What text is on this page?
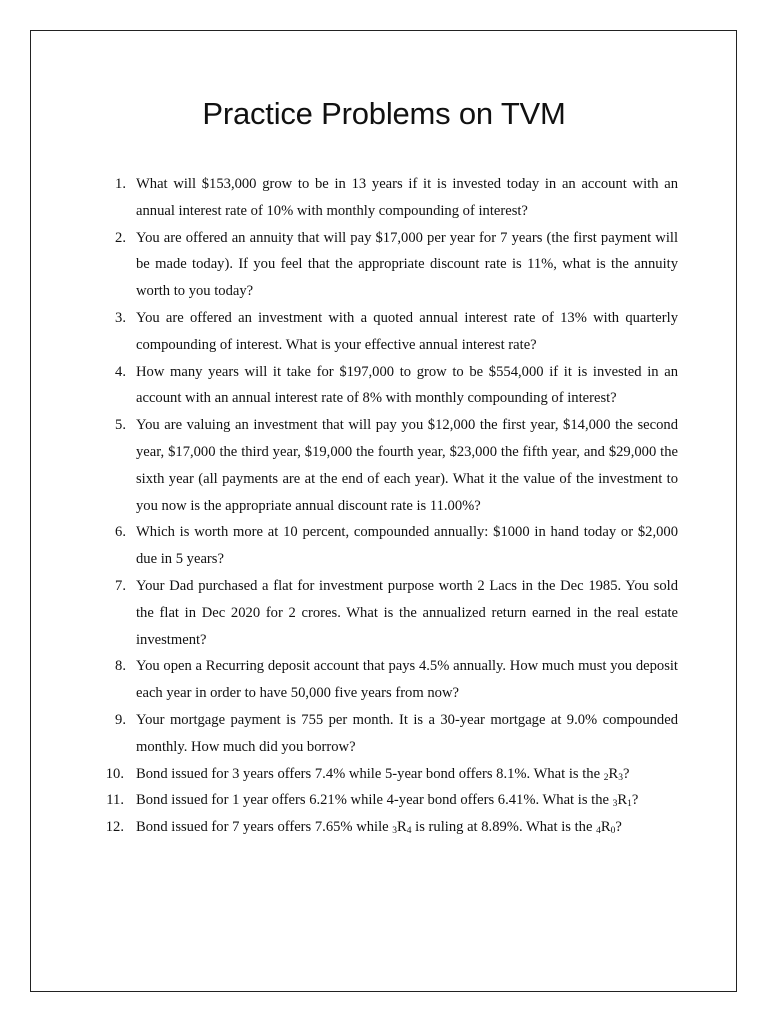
Practice Problems on TVM
1. What will $153,000 grow to be in 13 years if it is invested today in an account with an annual interest rate of 10% with monthly compounding of interest?
2. You are offered an annuity that will pay $17,000 per year for 7 years (the first payment will be made today). If you feel that the appropriate discount rate is 11%, what is the annuity worth to you today?
3. You are offered an investment with a quoted annual interest rate of 13% with quarterly compounding of interest. What is your effective annual interest rate?
4. How many years will it take for $197,000 to grow to be $554,000 if it is invested in an account with an annual interest rate of 8% with monthly compounding of interest?
5. You are valuing an investment that will pay you $12,000 the first year, $14,000 the second year, $17,000 the third year, $19,000 the fourth year, $23,000 the fifth year, and $29,000 the sixth year (all payments are at the end of each year). What it the value of the investment to you now is the appropriate annual discount rate is 11.00%?
6. Which is worth more at 10 percent, compounded annually: $1000 in hand today or $2,000 due in 5 years?
7. Your Dad purchased a flat for investment purpose worth 2 Lacs in the Dec 1985. You sold the flat in Dec 2020 for 2 crores. What is the annualized return earned in the real estate investment?
8. You open a Recurring deposit account that pays 4.5% annually. How much must you deposit each year in order to have 50,000 five years from now?
9. Your mortgage payment is 755 per month. It is a 30-year mortgage at 9.0% compounded monthly. How much did you borrow?
10. Bond issued for 3 years offers 7.4% while 5-year bond offers 8.1%. What is the $_2R_3$?
11. Bond issued for 1 year offers 6.21% while 4-year bond offers 6.41%. What is the $_3R_1$?
12. Bond issued for 7 years offers 7.65% while $_3R_4$ is ruling at 8.89%. What is the $_4R_0$?
